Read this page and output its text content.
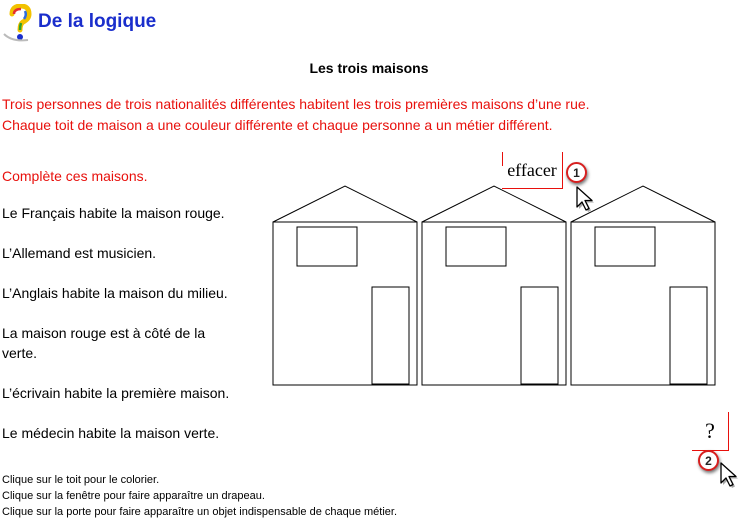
De la logique
Les trois maisons
Trois personnes de trois nationalités différentes habitent les trois premières maisons d’une rue.
Chaque toit de maison a une couleur différente et chaque personne a un métier différent.
Complète ces maisons.
Le Français habite la maison rouge.
L’Allemand est musicien.
L’Anglais habite la maison du milieu.
La maison rouge est à côté de la
verte.
L’écrivain habite la première maison.
Le médecin habite la maison verte.
effacer	1
?
2
Clique sur le toit pour le colorier.
Clique sur la fenêtre pour faire apparaître un drapeau.
Clique sur la porte pour faire apparaître un objet indispensable de chaque métier.
